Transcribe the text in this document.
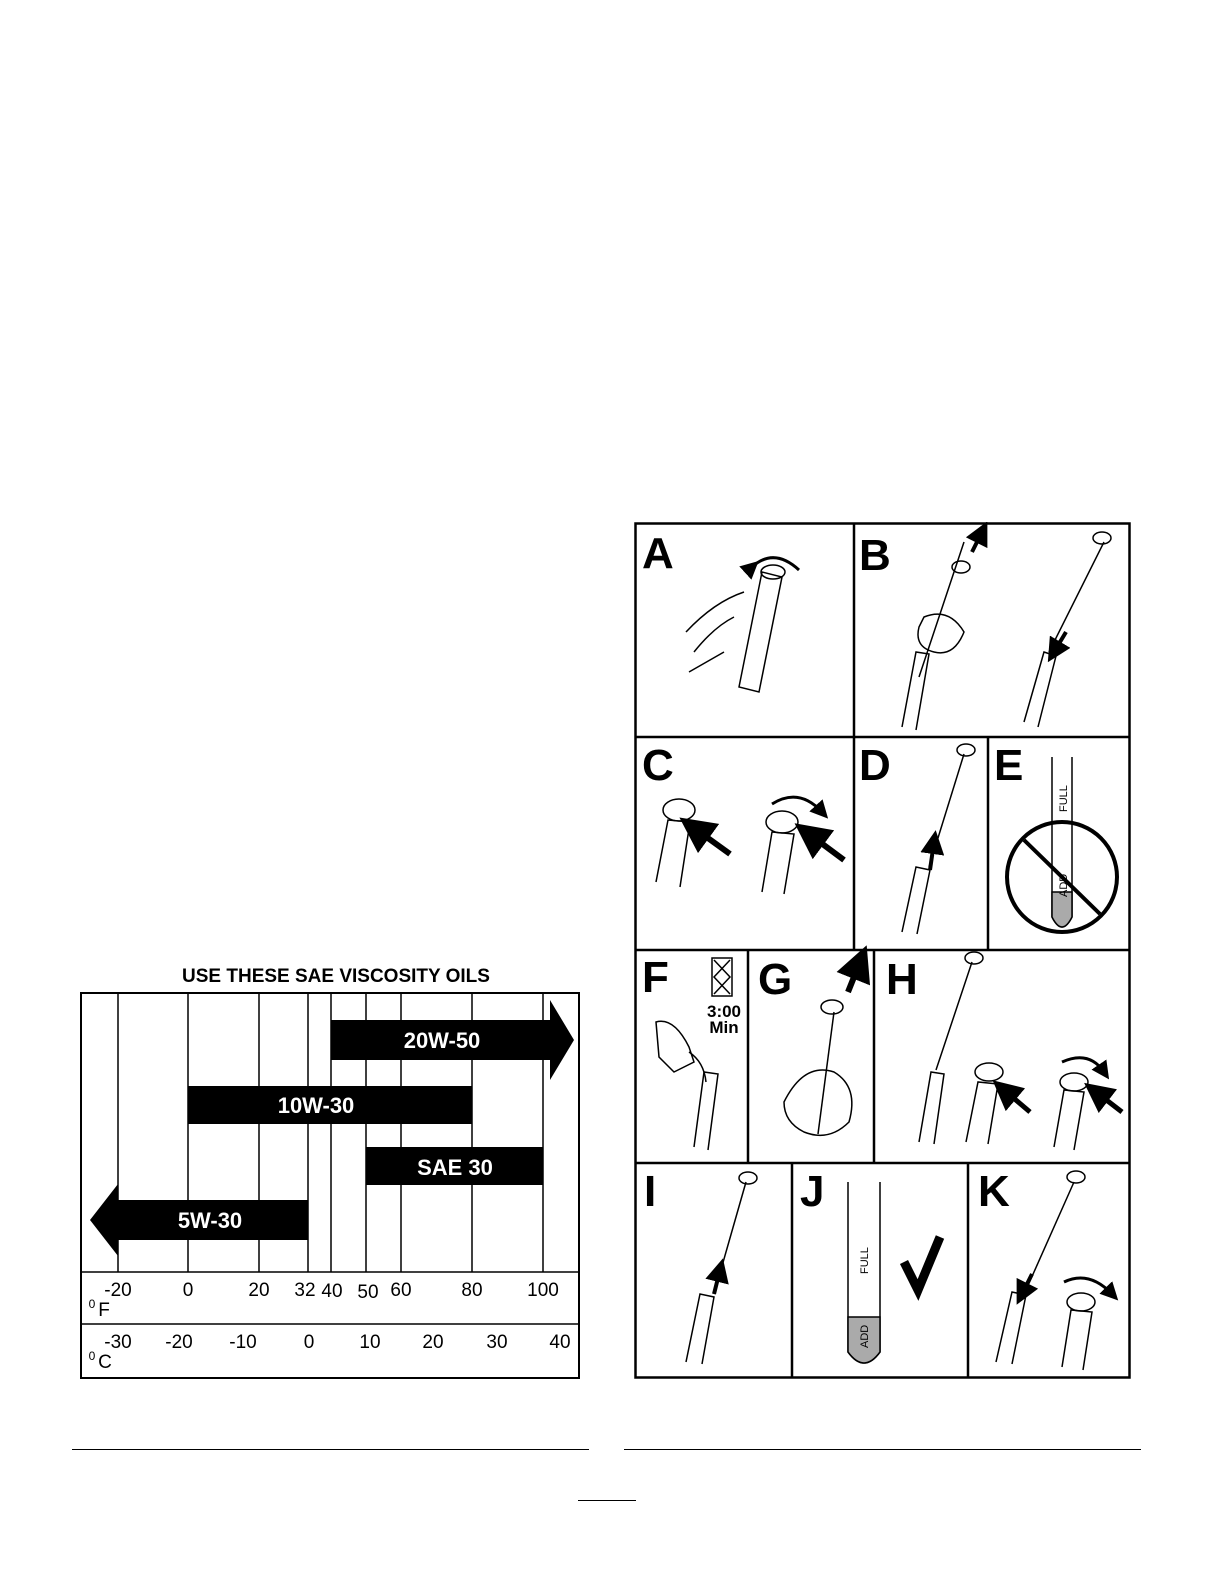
USE THESE SAE VISCOSITY OILS
20W-50
10W-30
SAE 30
5W-30
-20	0	20 32 40 50 60	80 100
0 F
-30 -20 -10 0 10 20 30 40
0 C
A	B
C	D E
F G H
I	J	K
3:00
Min
ADD
FULL
ADD
FULL
